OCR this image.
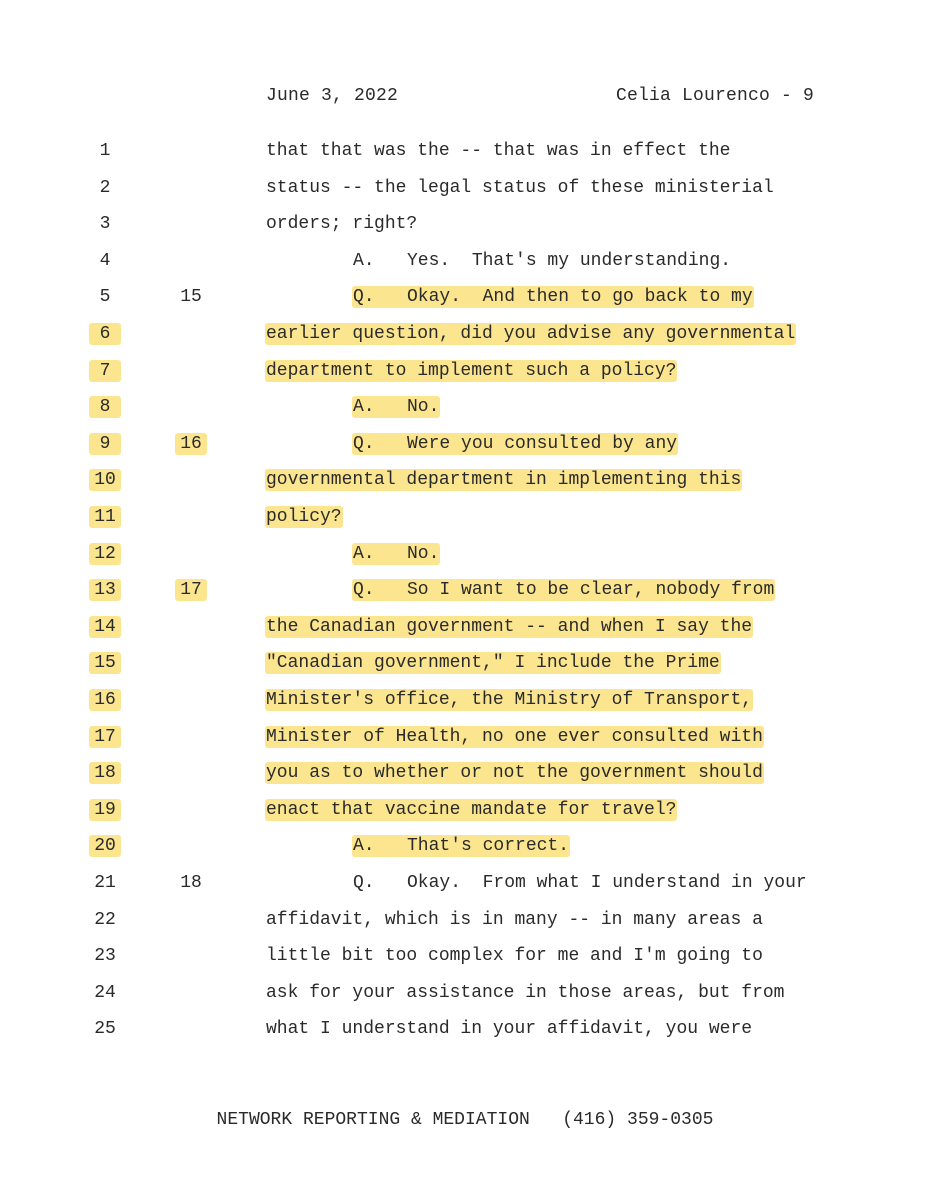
June 3, 2022	Celia Lourenco - 9
1	that that was the -- that was in effect the
2	status -- the legal status of these ministerial
3	orders; right?
4	A.   Yes.  That's my understanding.
5	15	Q.   Okay.  And then to go back to my
6	earlier question, did you advise any governmental
7	department to implement such a policy?
8	A.   No.
9	16	Q.   Were you consulted by any
10	governmental department in implementing this
11	policy?
12	A.   No.
13	17	Q.   So I want to be clear, nobody from
14	the Canadian government -- and when I say the
15	"Canadian government," I include the Prime
16	Minister's office, the Ministry of Transport,
17	Minister of Health, no one ever consulted with
18	you as to whether or not the government should
19	enact that vaccine mandate for travel?
20	A.   That's correct.
21	18	Q.   Okay.  From what I understand in your
22	affidavit, which is in many -- in many areas a
23	little bit too complex for me and I'm going to
24	ask for your assistance in those areas, but from
25	what I understand in your affidavit, you were
NETWORK REPORTING & MEDIATION   (416) 359-0305
